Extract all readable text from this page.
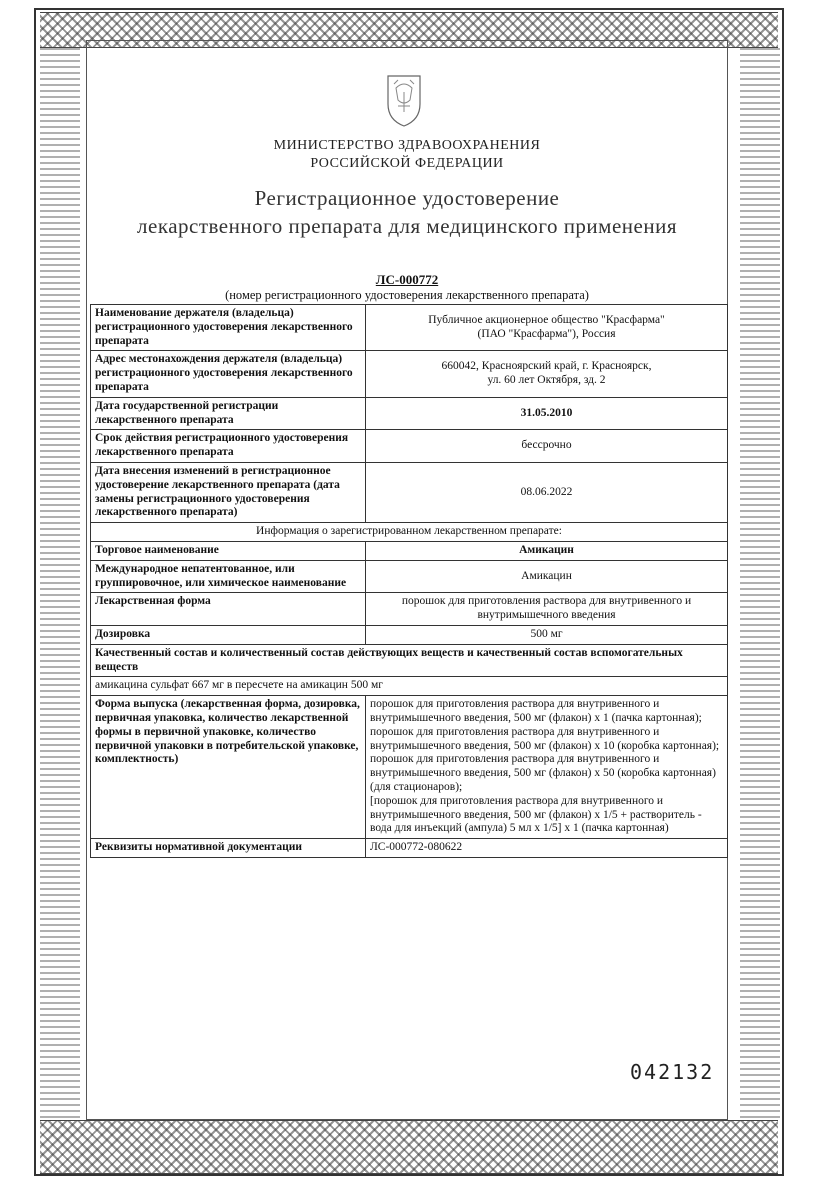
МИНИСТЕРСТВО ЗДРАВООХРАНЕНИЯ
РОССИЙСКОЙ ФЕДЕРАЦИИ
Регистрационное удостоверение
лекарственного препарата для медицинского применения
ЛС-000772
(номер регистрационного удостоверения лекарственного препарата)
Наименование держателя (владельца) регистрационного удостоверения лекарственного препарата	Публичное акционерное общество "Красфарма"
(ПАО "Красфарма"), Россия

Адрес местонахождения держателя (владельца) регистрационного удостоверения лекарственного препарата	660042, Красноярский край, г. Красноярск,
ул. 60 лет Октября, зд. 2

Дата государственной регистрации лекарственного препарата	31.05.2010
Срок действия регистрационного удостоверения лекарственного препарата	бессрочно
Дата внесения изменений в регистрационное удостоверение лекарственного препарата (дата замены регистрационного удостоверения лекарственного препарата)	08.06.2022
Информация о зарегистрированном лекарственном препарате:	
Торговое наименование	Амикацин
Международное непатентованное, или группировочное, или химическое наименование	Амикацин
Лекарственная форма	порошок для приготовления раствора для внутривенного и
внутримышечного введения

Дозировка	500 мг
Качественный состав и количественный состав действующих веществ и качественный состав вспомогательных веществ	
амикацина сульфат 667 мг в пересчете на амикацин 500 мг	
Форма выпуска (лекарственная форма, дозировка, первичная упаковка, количество лекарственной формы в первичной упаковке, количество первичной упаковки в потребительской упаковке, комплектность)	порошок для приготовления раствора для внутривенного и внутримышечного введения, 500 мг (флакон) х 1 (пачка картонная);
порошок для приготовления раствора для внутривенного и внутримышечного введения, 500 мг (флакон) х 10 (коробка картонная);
порошок для приготовления раствора для внутривенного и внутримышечного введения, 500 мг (флакон) х 50 (коробка картонная) (для стационаров);
[порошок для приготовления раствора для внутривенного и внутримышечного введения, 500 мг (флакон) х 1/5 + растворитель - вода для инъекций (ампула) 5 мл х 1/5] х 1 (пачка картонная)

Реквизиты нормативной документации	ЛС-000772-080622
042132
